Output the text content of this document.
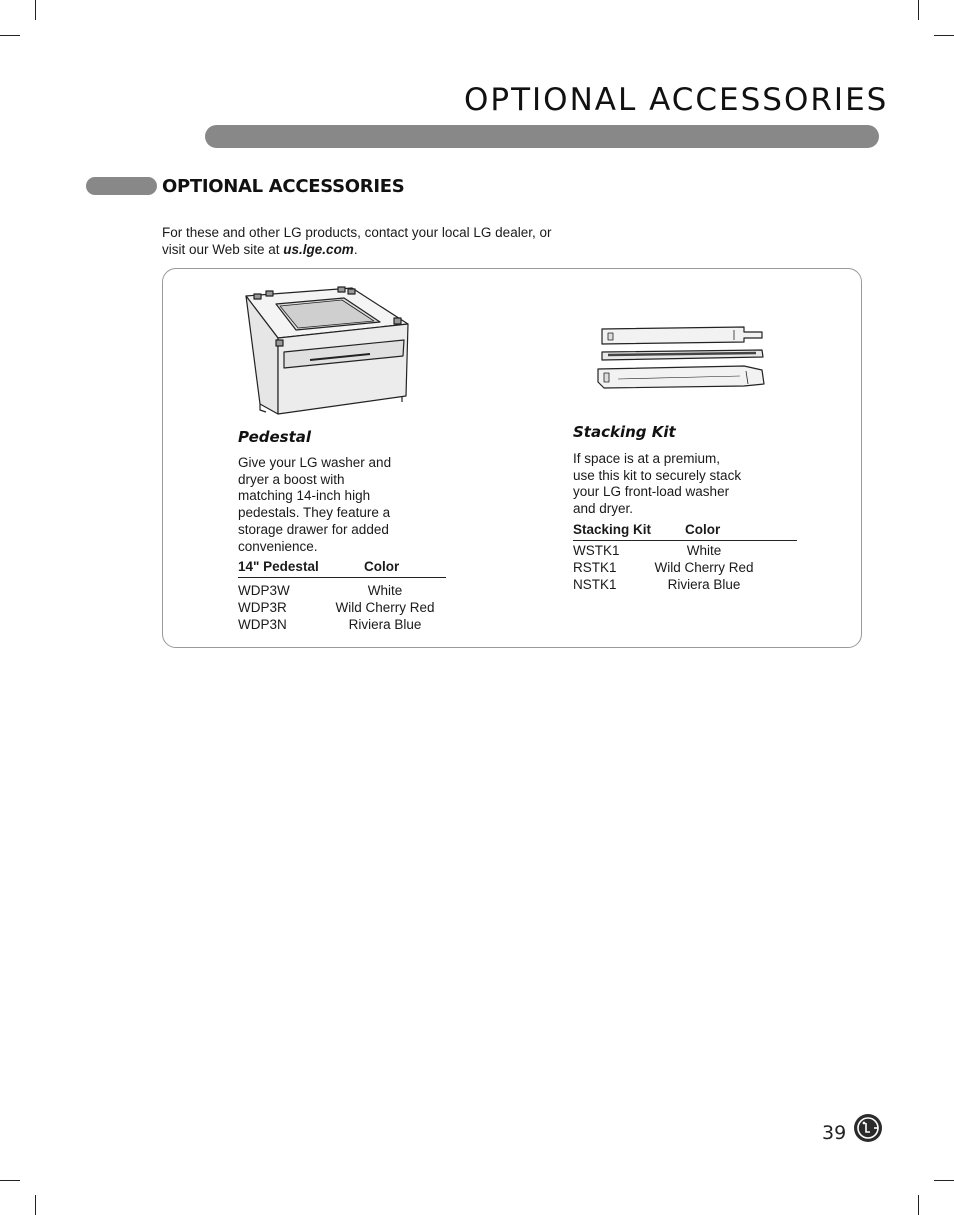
OPTIONAL ACCESSORIES
OPTIONAL ACCESSORIES
For these and other LG products, contact your local LG dealer, or
visit our Web site at us.lge.com.
Pedestal
Give your LG washer and dryer a boost with matching 14-inch high pedestals. They feature a storage drawer for added convenience.
14" Pedestal	Color
WDP3W	White
WDP3R	Wild Cherry Red
WDP3N	Riviera Blue
Stacking Kit
If space is at a premium, use this kit to securely stack your LG front-load washer and dryer.
Stacking Kit	Color
WSTK1	White
RSTK1	Wild Cherry Red
NSTK1	Riviera Blue
39
